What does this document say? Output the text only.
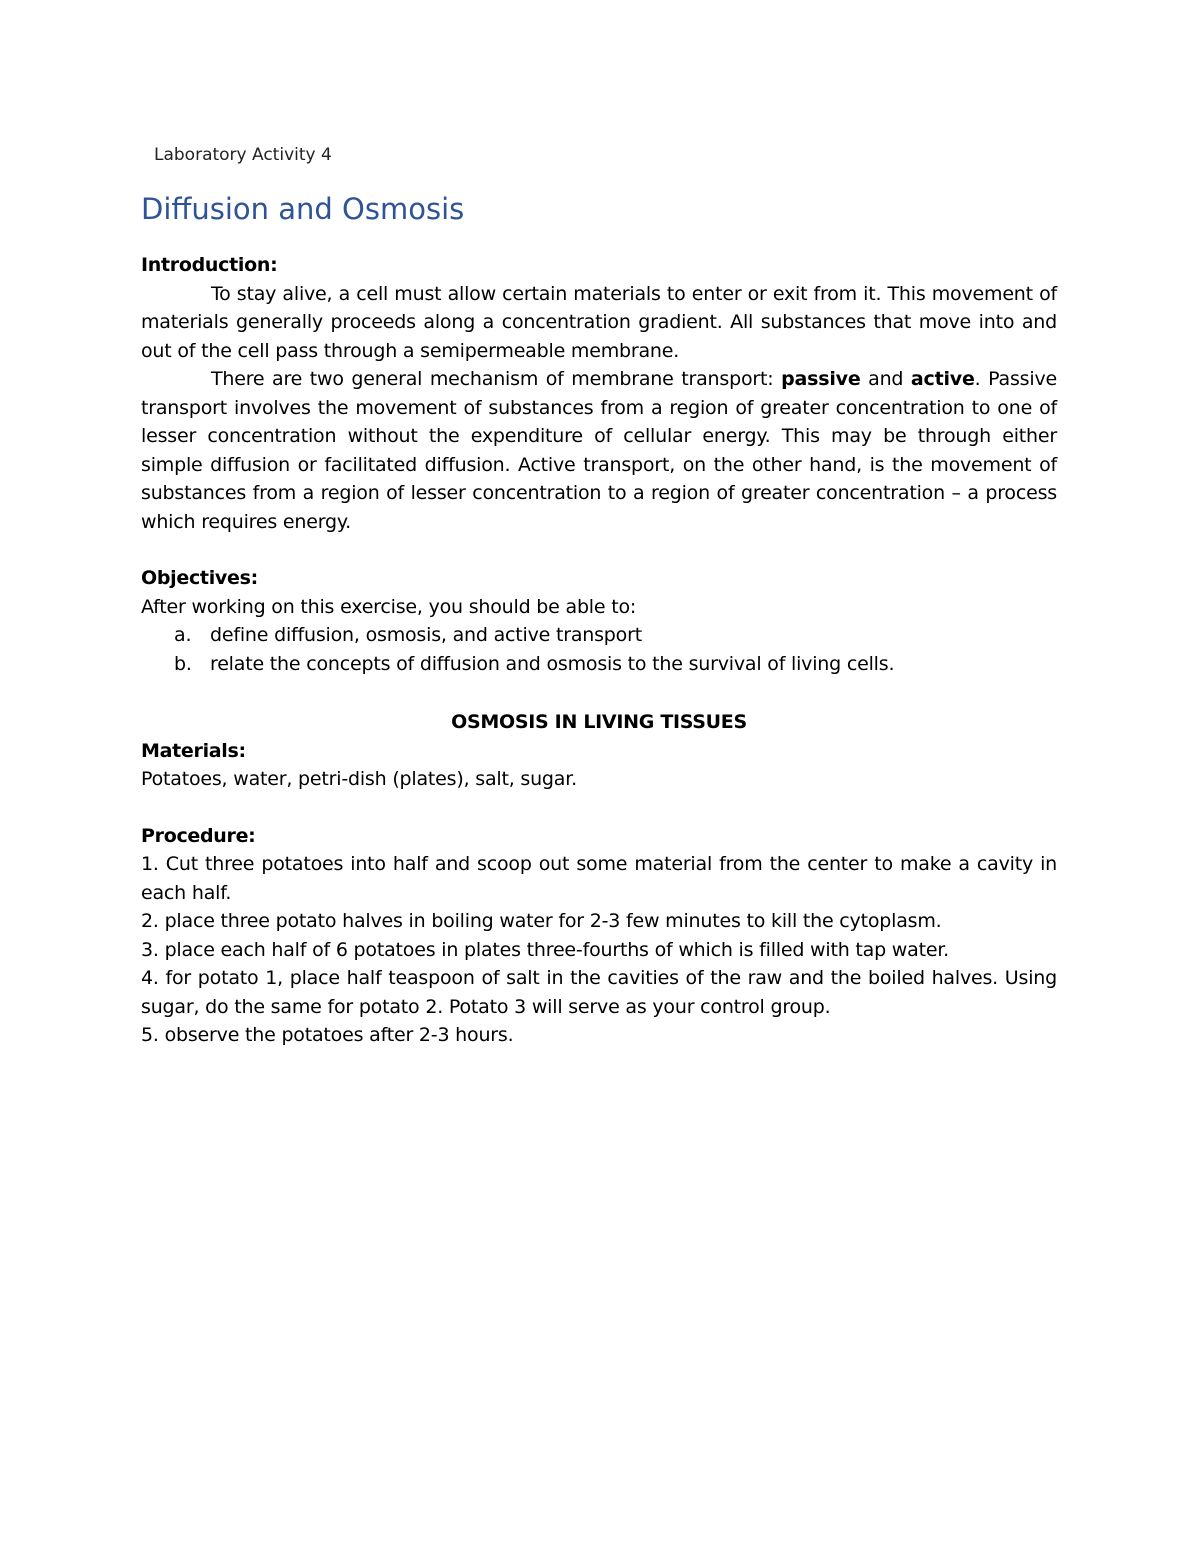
Laboratory Activity 4

Diffusion and Osmosis
Introduction:

To stay alive, a cell must allow certain materials to enter or exit from it. This movement of materials generally proceeds along a concentration gradient. All substances that move into and out of the cell pass through a semipermeable membrane.

There are two general mechanism of membrane transport: passive and active. Passive transport involves the movement of substances from a region of greater concentration to one of lesser concentration without the expenditure of cellular energy. This may be through either simple diffusion or facilitated diffusion. Active transport, on the other hand, is the movement of substances from a region of lesser concentration to a region of greater concentration – a process which requires energy.

Objectives:

After working on this exercise, you should be able to:

a. define diffusion, osmosis, and active transport
b. relate the concepts of diffusion and osmosis to the survival of living cells.
OSMOSIS IN LIVING TISSUES
Materials:

Potatoes, water, petri-dish (plates), salt, sugar.

Procedure:

1. Cut three potatoes into half and scoop out some material from the center to make a cavity in each half.

2. place three potato halves in boiling water for 2-3 few minutes to kill the cytoplasm.

3. place each half of 6 potatoes in plates three-fourths of which is filled with tap water.

4. for potato 1, place half teaspoon of salt in the cavities of the raw and the boiled halves. Using sugar, do the same for potato 2. Potato 3 will serve as your control group.

5. observe the potatoes after 2-3 hours.
